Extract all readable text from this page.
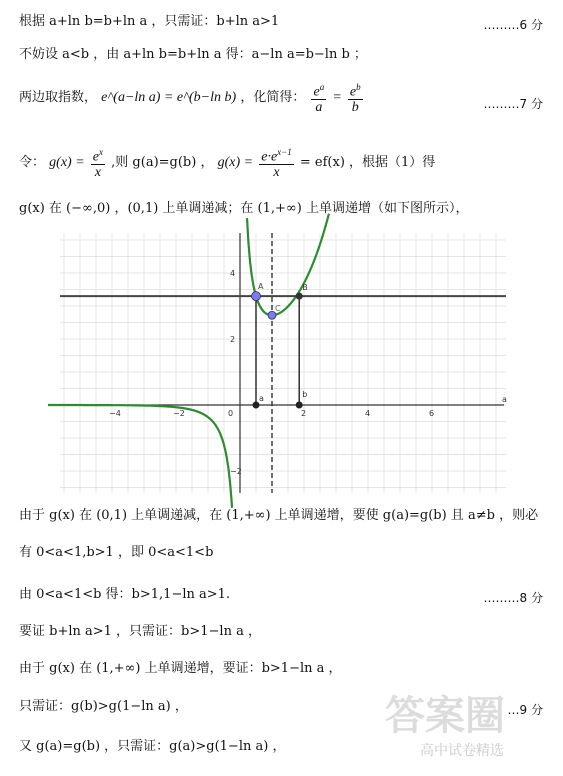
根据 a+ln b=b+ln a ，只需证：b+ln a>1	………6 分
不妨设 a<b ，由 a+ln b=b+ln a 得：a−ln a=b−ln b ；
两边取指数， e^(a−ln a) = e^(b−ln b) ，化简得： $\frac{e^a}{a} = \frac{e^b}{b}$	………7 分
令： $g(x) = \frac{e^x}{x}$ ,则 g(a)=g(b) ， $g(x) = \frac{e\cdot e^{x-1}}{x} = ef(x)$ ，根据（1）得
g(x) 在 (−∞,0) ，(0,1) 上单调递减；在 (1,+∞) 上单调递增（如下图所示），
a
−4	−2	0	2	4	6
4
2
−2
A	B
C
a	b
由于 g(x) 在 (0,1) 上单调递减，在 (1,+∞) 上单调递增，要使 g(a)=g(b) 且 a≠b ，则必
有 0<a<1,b>1 ，即 0<a<1<b
由 0<a<1<b 得：b>1,1−ln a>1.	………8 分
要证 b+ln a>1 ，只需证：b>1−ln a ，
由于 g(x) 在 (1,+∞) 上单调递增，要证：b>1−ln a ，
只需证：g(b)>g(1−ln a) ，	…9 分
又 g(a)=g(b) ，只需证：g(a)>g(1−ln a) ，
答案圈
高中试卷精选
